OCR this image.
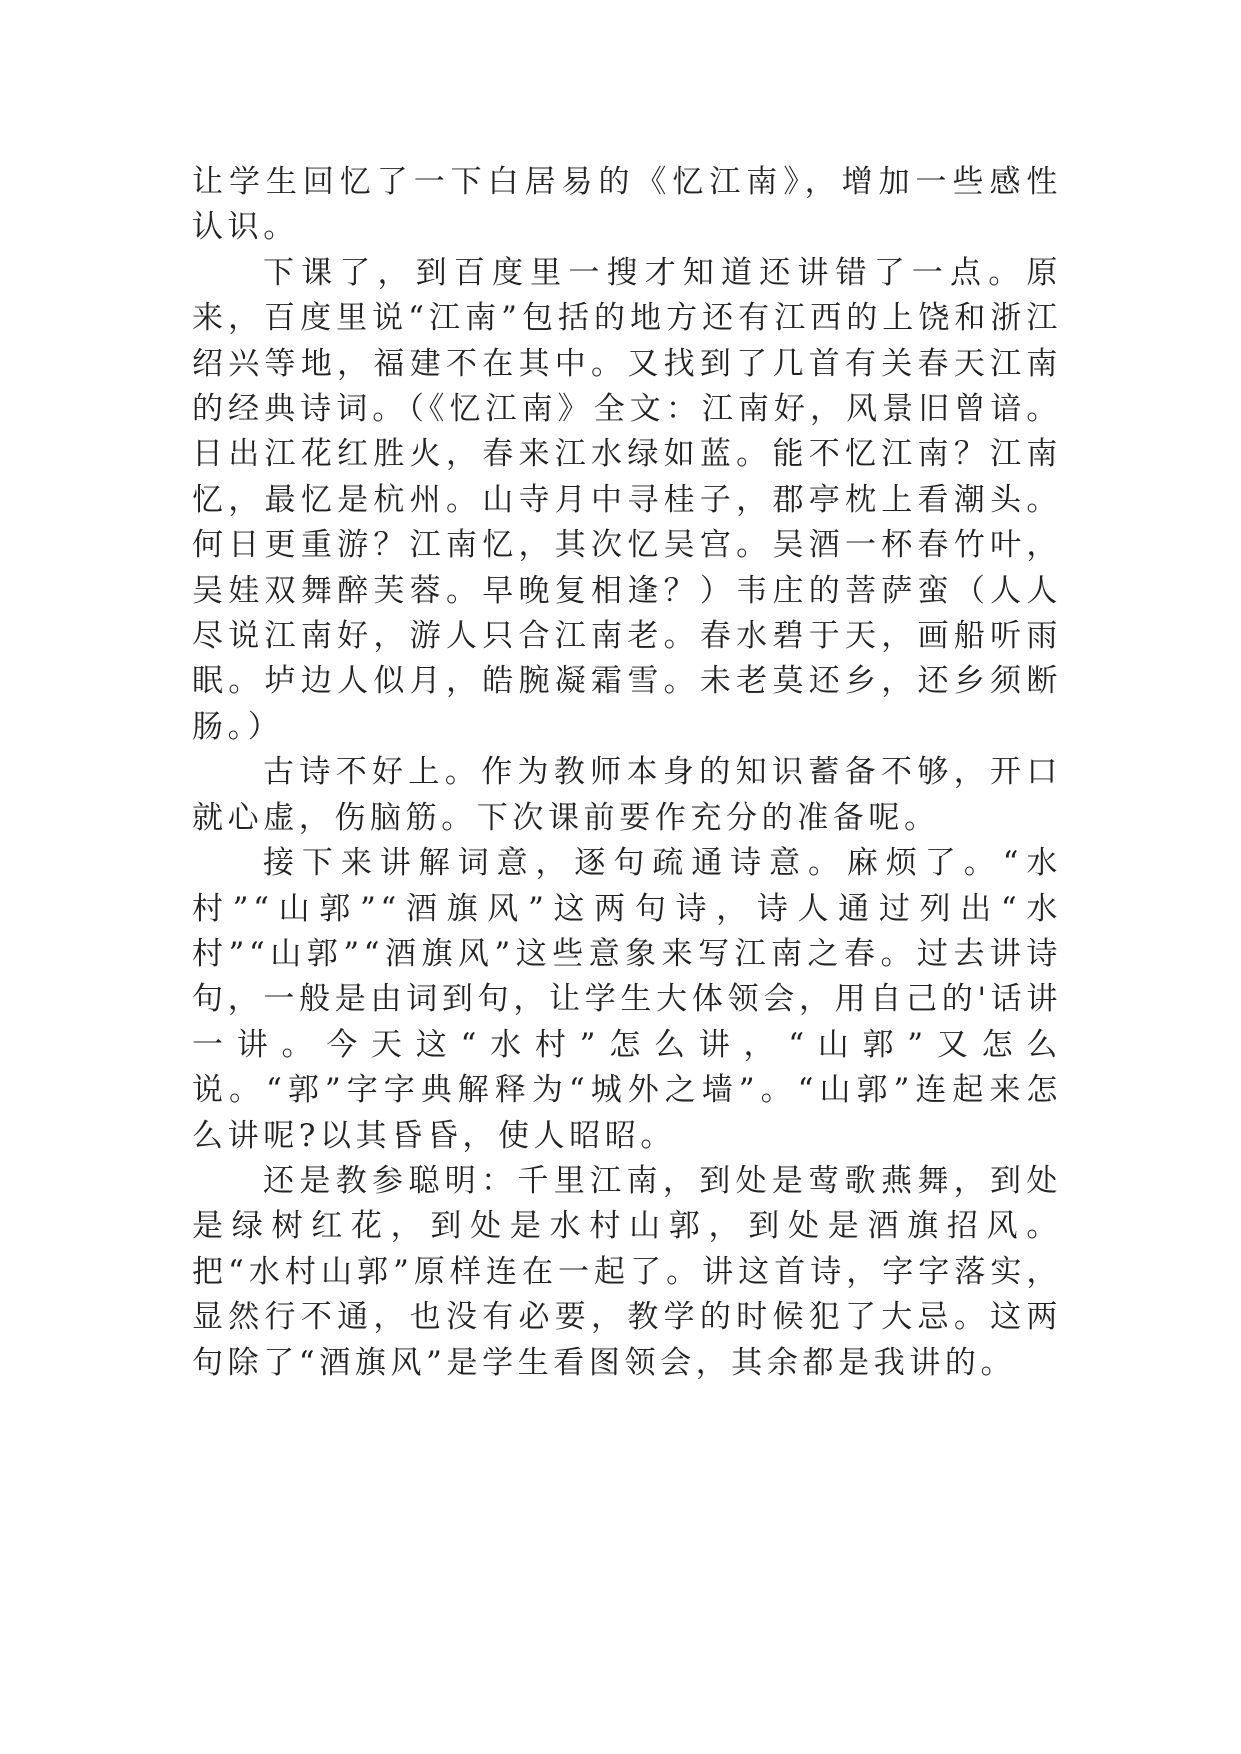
让学生回忆了一下白居易的《忆江南》，增加一些感性认识。

下课了，到百度里一搜才知道还讲错了一点。原来，百度里说“江南”包括的地方还有江西的上饶和浙江绍兴等地，福建不在其中。又找到了几首有关春天江南的经典诗词。（《忆江南》全文：江南好，风景旧曾谙。日出江花红胜火，春来江水绿如蓝。能不忆江南？江南忆，最忆是杭州。山寺月中寻桂子，郡亭枕上看潮头。何日更重游？江南忆，其次忆吴宫。吴酒一杯春竹叶，吴娃双舞醉芙蓉。早晚复相逢？）韦庄的菩萨蛮（人人尽说江南好，游人只合江南老。春水碧于天，画船听雨眠。垆边人似月，皓腕凝霜雪。未老莫还乡，还乡须断肠。）

古诗不好上。作为教师本身的知识蓄备不够，开口就心虚，伤脑筋。下次课前要作充分的准备呢。

接下来讲解词意，逐句疏通诗意。麻烦了。“水村”“山郭”“酒旗风”这两句诗，诗人通过列出“水村”“山郭”“酒旗风”这些意象来写江南之春。过去讲诗句，一般是由词到句，让学生大体领会，用自己的'话讲一讲。今天这“水村”怎么讲，“山郭”又怎么说。“郭”字字典解释为“城外之墙”。“山郭”连起来怎么讲呢?以其昏昏，使人昭昭。

还是教参聪明：千里江南，到处是莺歌燕舞，到处是绿树红花，到处是水村山郭，到处是酒旗招风。把“水村山郭”原样连在一起了。讲这首诗，字字落实，显然行不通，也没有必要，教学的时候犯了大忌。这两句除了“酒旗风”是学生看图领会，其余都是我讲的。
